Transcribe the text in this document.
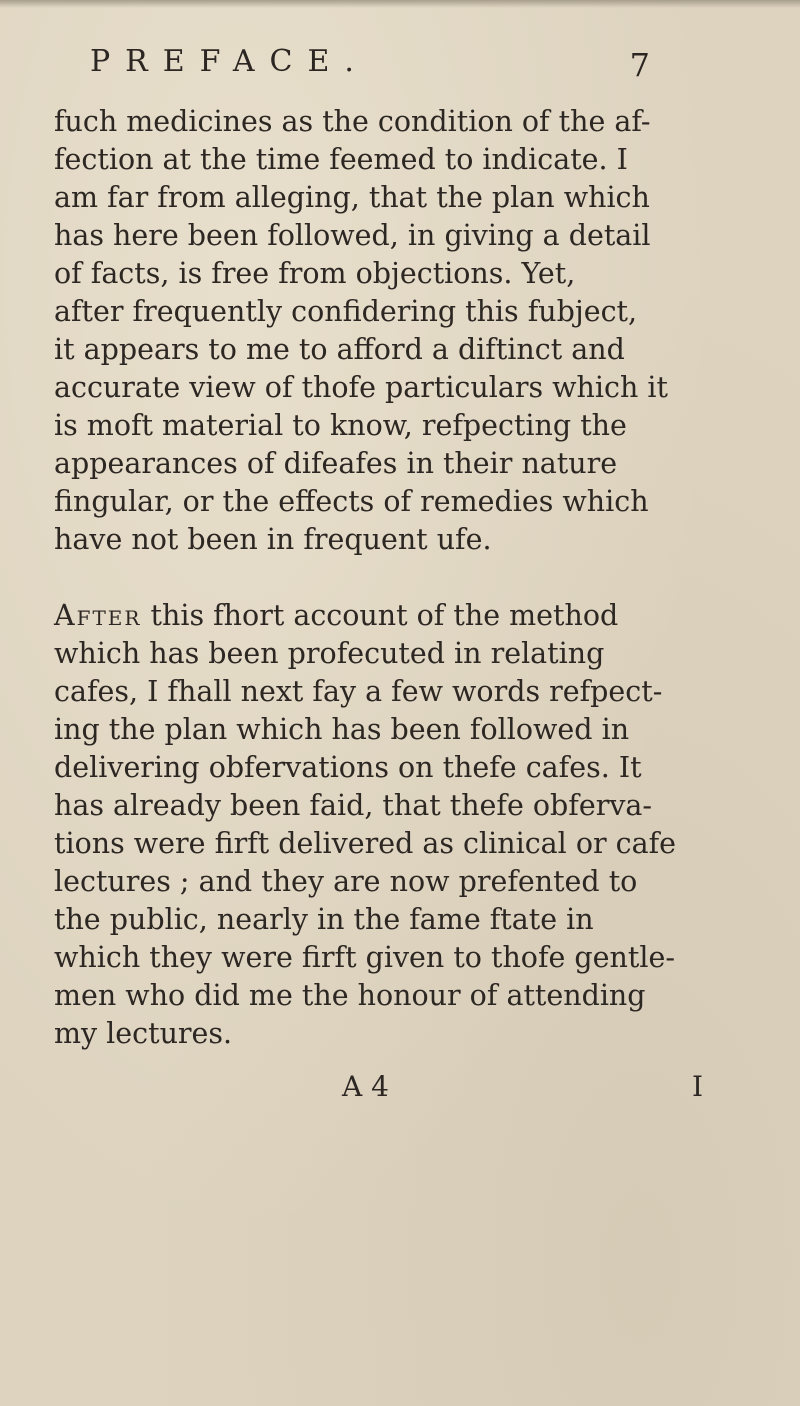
PREFACE.	7
fuch medicines as the condition of the af-
fection at the time feemed to indicate. I
am far from alleging, that the plan which
has here been followed, in giving a detail
of facts, is free from objections. Yet,
after frequently confidering this fubject,
it appears to me to afford a diftinct and
accurate view of thofe particulars which it
is moft material to know, refpecting the
appearances of difeafes in their nature
fingular, or the effects of remedies which
have not been in frequent ufe.
After this fhort account of the method
which has been profecuted in relating
cafes, I fhall next fay a few words refpect-
ing the plan which has been followed in
delivering obfervations on thefe cafes. It
has already been faid, that thefe obferva-
tions were firft delivered as clinical or cafe
lectures ; and they are now prefented to
the public, nearly in the fame ftate in
which they were firft given to thofe gentle-
men who did me the honour of attending
my lectures.
A 4	I
